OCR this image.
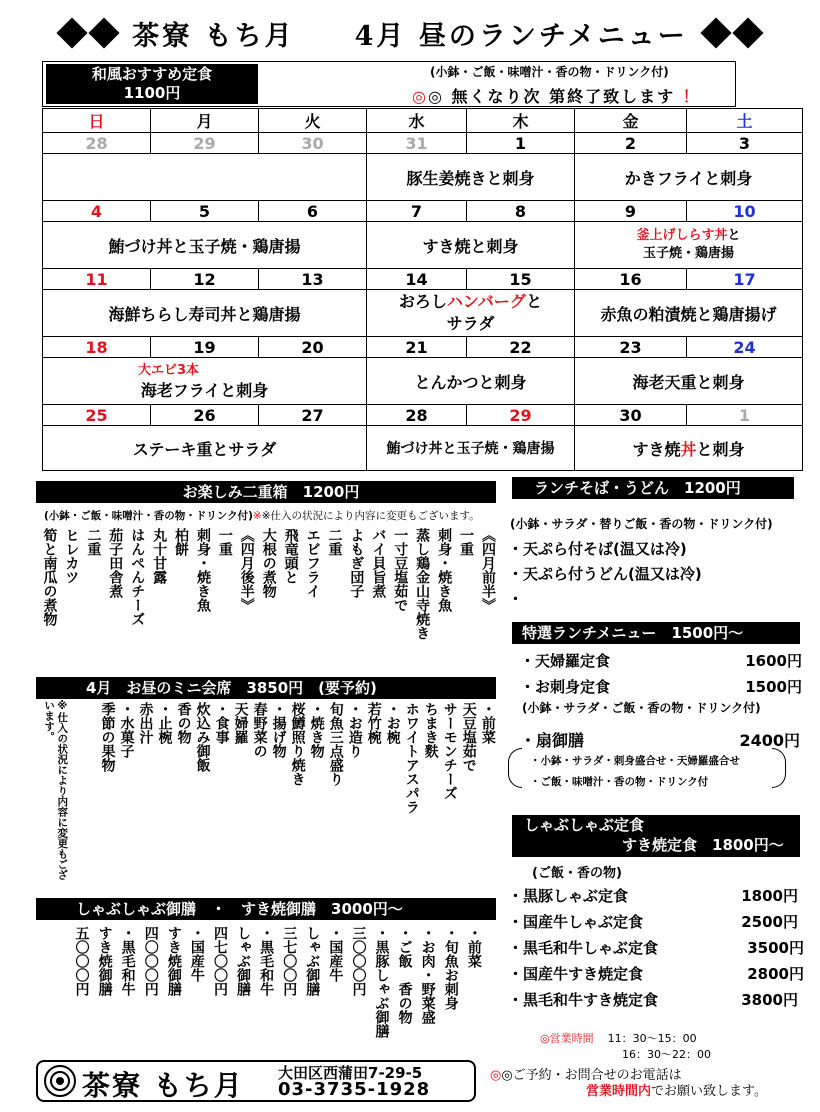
茶寮 もち月　　4月 昼のランチメニュー
和風おすすめ定食
1100円
(小鉢・ご飯・味噌汁・香の物・ドリンク付)
◎◎ 無くなり次 第終了致します ！
日	月	火	水	木	金	土
28	29	30	31	1	2	3
			豚生姜焼きと刺身		かきフライと刺身	
4	5	6	7	8	9	10
鮪づけ丼と玉子焼・鶏唐揚			すき焼と刺身		釜上げしらす丼と
玉子焼・鶏唐揚	

11	12	13	14	15	16	17
海鮮ちらし寿司丼と鶏唐揚			おろしハンバーグと
サラダ		赤魚の粕漬焼と鶏唐揚げ	
18	19	20	21	22	23	24

大エビ3本
海老フライと刺身			とんかつと刺身		海老天重と刺身	
25	26	27	28	29	30	1
ステーキ重とサラダ			鮪づけ丼と玉子焼・鶏唐揚		すき焼丼と刺身	
お楽しみ二重箱　1200円
(小鉢・ご飯・味噌汁・香の物・ドリンク付)※※仕入の状況により内容に変更もございます。
《四月前半》
一重
刺身・焼き魚
蒸し鶏金山寺焼き
一寸豆塩茹で
バイ貝旨煮
よもぎ団子
二重
エビフライ
飛竜頭と
大根の煮物
《四月後半》
一重
刺身・焼き魚
柏餅
丸十甘露
はんぺんチーズ
茄子田舎煮
二重
ヒレカツ
筍と南瓜の煮物
4月　お昼のミニ会席　3850円　(要予約)
※仕入の状況により内容に変更もございます。	・前菜
天豆塩茹で
サーモンチーズ
ちまき麩
ホワイトアスパラ
・お椀
若竹椀
・お造り
旬魚三点盛り
・焼き物
桜鱒照り焼き
・揚げ物
春野菜の
天婦羅
・食事
炊込み御飯
香の物
・止椀
赤出汁
・水菓子
季節の果物
しゃぶしゃぶ御膳　・　すき焼御膳　3000円〜
・前菜
・旬魚お刺身
・お肉・野菜盛
・ご飯　香の物
・黒豚しゃぶ御膳
三〇〇〇円
・国産牛
しゃぶ御膳
三七〇〇円
・黒毛和牛
しゃぶ御膳
四七〇〇円
・国産牛
すき焼御膳
四〇〇〇円
・黒毛和牛
すき焼御膳
五〇〇〇円
ランチそば・うどん　1200円
(小鉢・サラダ・替りご飯・香の物・ドリンク付)
・天ぷら付そば(温又は冷)
・天ぷら付うどん(温又は冷)
・
特選ランチメニュー　1500円〜
・天婦羅定食	1600円
・お刺身定食	1500円
(小鉢・サラダ・ご飯・香の物・ドリンク付)
・扇御膳	2400円
・小鉢・サラダ・刺身盛合せ・天婦羅盛合せ
・ご飯・味噌汁・香の物・ドリンク付
しゃぶしゃぶ定食
すき焼定食　1800円〜
(ご飯・香の物)
・黒豚しゃぶ定食	1800円
・国産牛しゃぶ定食	2500円
・黒毛和牛しゃぶ定食	3500円
・国産牛すき焼定食	2800円
・黒毛和牛すき焼定食	3800円
◎営業時間 11：30〜15：00
16：30〜22：00
茶寮 もち月 大田区西蒲田7-29-5
03-3735-1928
◎◎ご予約・お問合せのお電話は
営業時間内でお願い致します。
